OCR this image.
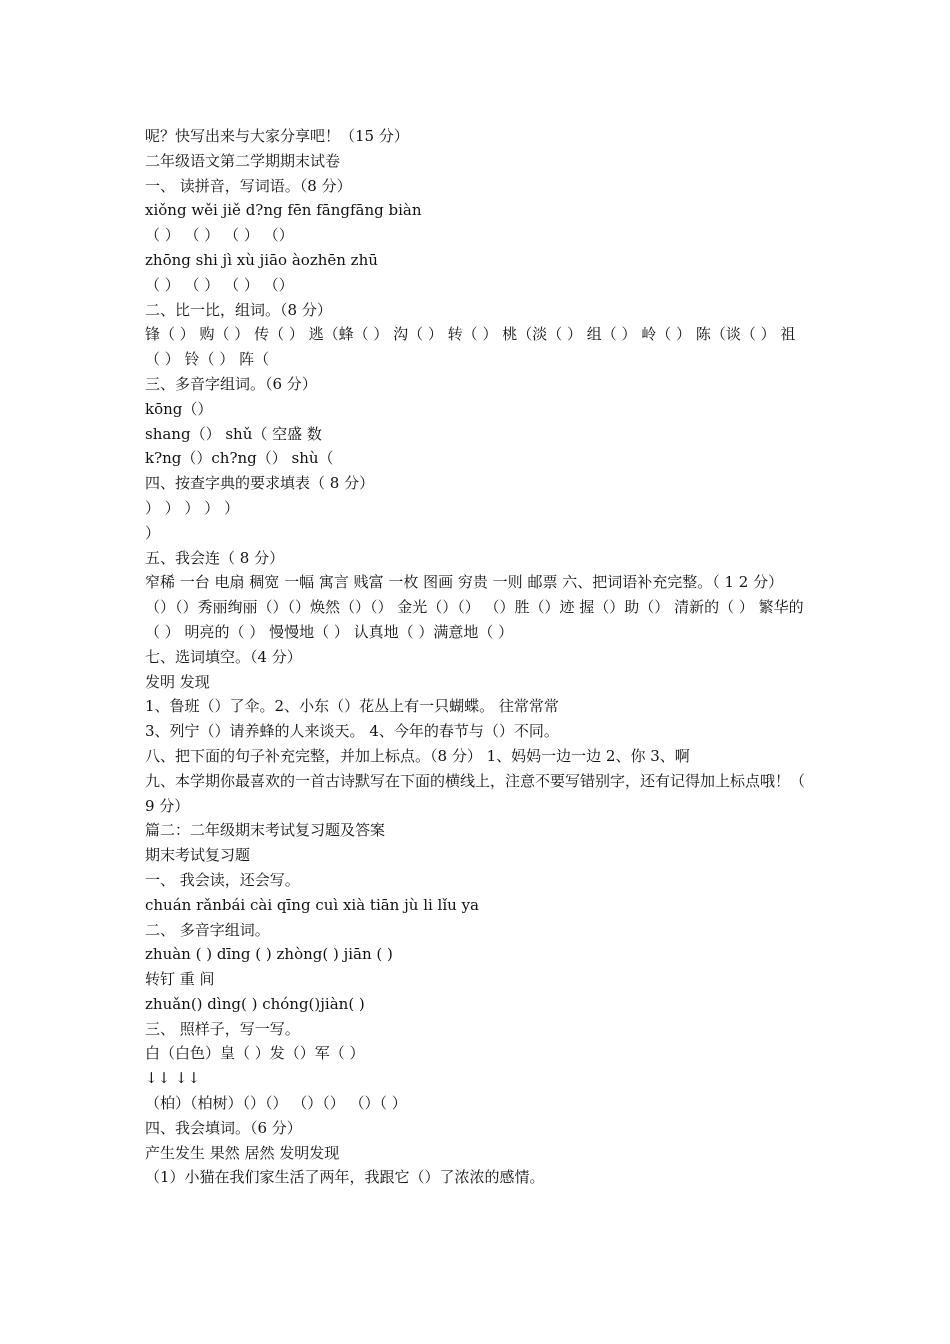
呢？快写出来与大家分享吧！（15 分）
二年级语文第二学期期末试卷
一、 读拼音，写词语。（8 分）
xiǒng wěi jiě d?ng fēn fāngfāng biàn
（ ） （ ） （ ） （）
zhōng shi jì xù jiāo àozhēn zhū
（ ） （ ） （ ） （）
二、比一比，组词。（8 分）
锋（ ） 购（ ） 传（ ） 逃（蜂（ ） 沟（ ） 转（ ） 桃（淡（ ） 组（ ） 岭（ ） 陈（谈（ ） 祖（ ） 铃（ ） 阵（
三、多音字组词。（6 分）
kōng（）
shang（） shǔ（ 空盛 数
k?ng（）ch?ng（） shù（
四、按查字典的要求填表（ 8 分）
） ） ） ） ）
）
五、我会连（ 8 分）
窄稀 一台 电扇 稠宽 一幅 寓言 贱富 一枚 图画 穷贵 一则 邮票 六、把词语补充完整。（ 1 2 分）
（）（）秀丽绚丽（）（）焕然（）（） 金光（）（） （）胜（）迹 握（）助（） 清新的（ ） 繁华的（ ） 明亮的（ ） 慢慢地（ ） 认真地（ ）满意地（ ）
七、选词填空。（4 分）
发明 发现
1、鲁班（）了伞。2、小东（）花丛上有一只蝴蝶。 往常常常
3、列宁（）请养蜂的人来谈天。 4、今年的春节与（）不同。
八、把下面的句子补充完整，并加上标点。（8 分） 1、妈妈一边一边 2、你 3、啊
九、本学期你最喜欢的一首古诗默写在下面的横线上，注意不要写错别字，还有记得加上标点哦！（ 9 分）
篇二：二年级期末考试复习题及答案
期末考试复习题
一、 我会读，还会写。
chuán rǎnbái cài qīng cuì xià tiān jù li lǐu ya
二、 多音字组词。
zhuàn ( ) dīng ( ) zhòng( ) jiān ( )
转钉 重 间
zhuǎn() dìng( ) chóng()jiàn( )
三、 照样子，写一写。
白（白色）皇（ ）发（）军（ ）
↓↓ ↓↓
（柏）（柏树）（）（） （）（） （）（ ）
四、我会填词。（6 分）
产生发生 果然 居然 发明发现
（1）小猫在我们家生活了两年，我跟它（）了浓浓的感情。
